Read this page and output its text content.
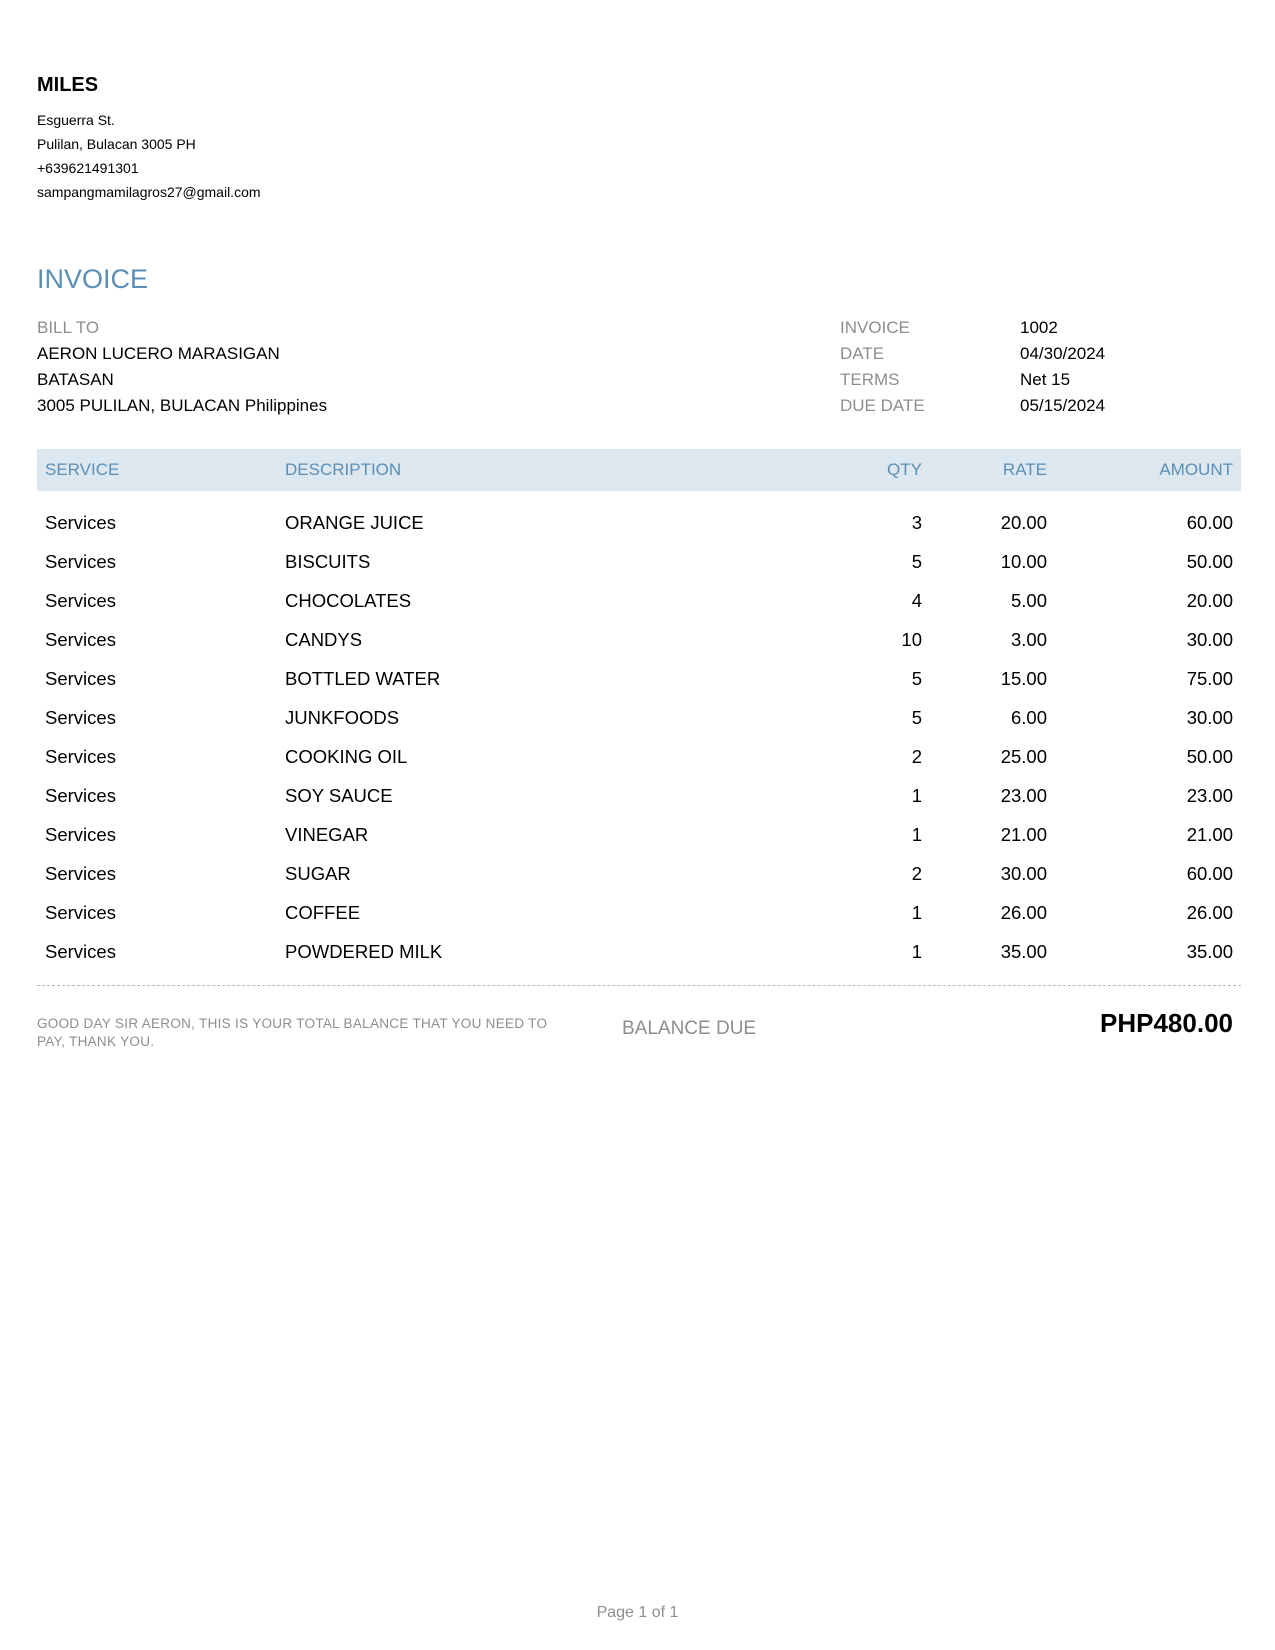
MILES
Esguerra St.
Pulilan, Bulacan 3005 PH
+639621491301
sampangmamilagros27@gmail.com
INVOICE
BILL TO
AERON LUCERO MARASIGAN
BATASAN
3005 PULILAN, BULACAN Philippines
INVOICE	1002
DATE	04/30/2024
TERMS	Net 15
DUE DATE	05/15/2024
SERVICE	DESCRIPTION	QTY	RATE	AMOUNT
Services	ORANGE JUICE	3	20.00	60.00
Services	BISCUITS	5	10.00	50.00
Services	CHOCOLATES	4	5.00	20.00
Services	CANDYS	10	3.00	30.00
Services	BOTTLED WATER	5	15.00	75.00
Services	JUNKFOODS	5	6.00	30.00
Services	COOKING OIL	2	25.00	50.00
Services	SOY SAUCE	1	23.00	23.00
Services	VINEGAR	1	21.00	21.00
Services	SUGAR	2	30.00	60.00
Services	COFFEE	1	26.00	26.00
Services	POWDERED MILK	1	35.00	35.00
GOOD DAY SIR AERON, THIS IS YOUR TOTAL BALANCE THAT YOU NEED TO PAY, THANK YOU.
BALANCE DUE	PHP480.00
Page 1 of 1
